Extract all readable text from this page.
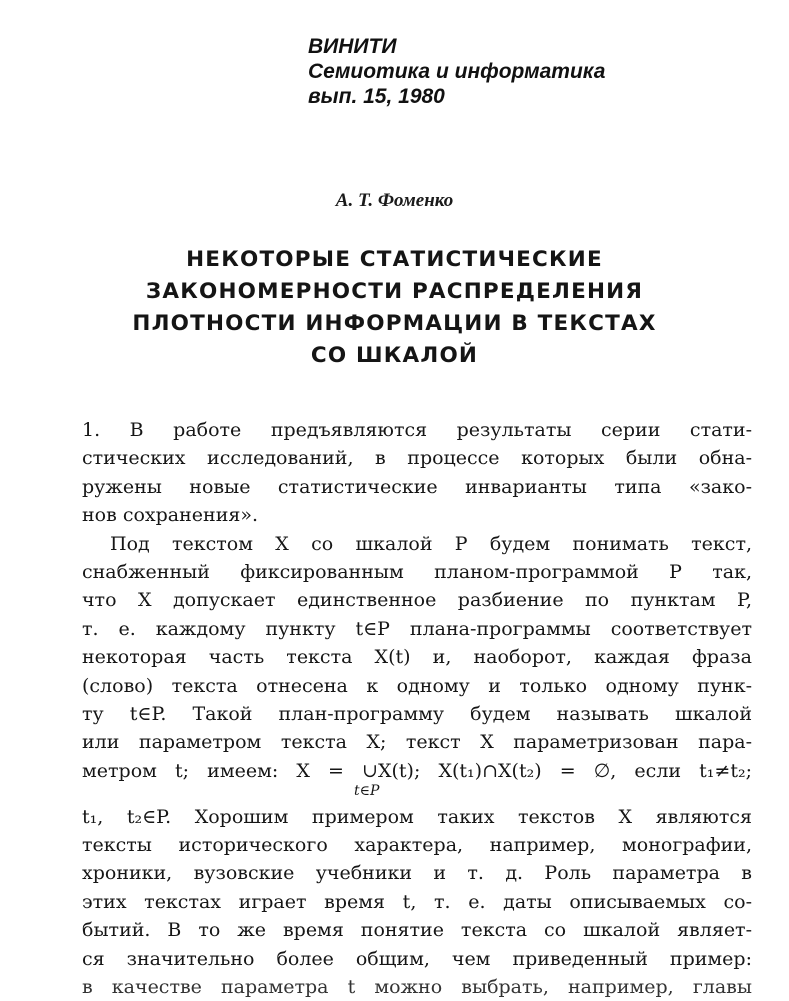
ВИНИТИ
Семиотика и информатика
вып. 15, 1980
А. Т. Фоменко
НЕКОТОРЫЕ СТАТИСТИЧЕСКИЕ
ЗАКОНОМЕРНОСТИ РАСПРЕДЕЛЕНИЯ
ПЛОТНОСТИ ИНФОРМАЦИИ В ТЕКСТАХ
СО ШКАЛОЙ
1. В работе предъявляются результаты серии стати-
стических исследований, в процессе которых были обна-
ружены новые статистические инварианты типа «зако-
нов сохранения».
Под текстом X со шкалой P будем понимать текст,
снабженный фиксированным планом-программой P так,
что X допускает единственное разбиение по пунктам P,
т. е. каждому пункту t∈P плана-программы соответствует
некоторая часть текста X(t) и, наоборот, каждая фраза
(слово) текста отнесена к одному и только одному пунк-
ту t∈P. Такой план-программу будем называть шкалой
или параметром текста X; текст X параметризован пара-
метром t; имеем: X = ∪X(t)
t∈P
; X(t₁)∩X(t₂) = ∅, если t₁≠t₂;
t₁, t₂∈P. Хорошим примером таких текстов X являются
тексты исторического характера, например, монографии,
хроники, вузовские учебники и т. д. Роль параметра в
этих текстах играет время t, т. е. даты описываемых со-
бытий. В то же время понятие текста со шкалой являет-
ся значительно более общим, чем приведенный пример:
в качестве параметра t можно выбрать, например, главы
